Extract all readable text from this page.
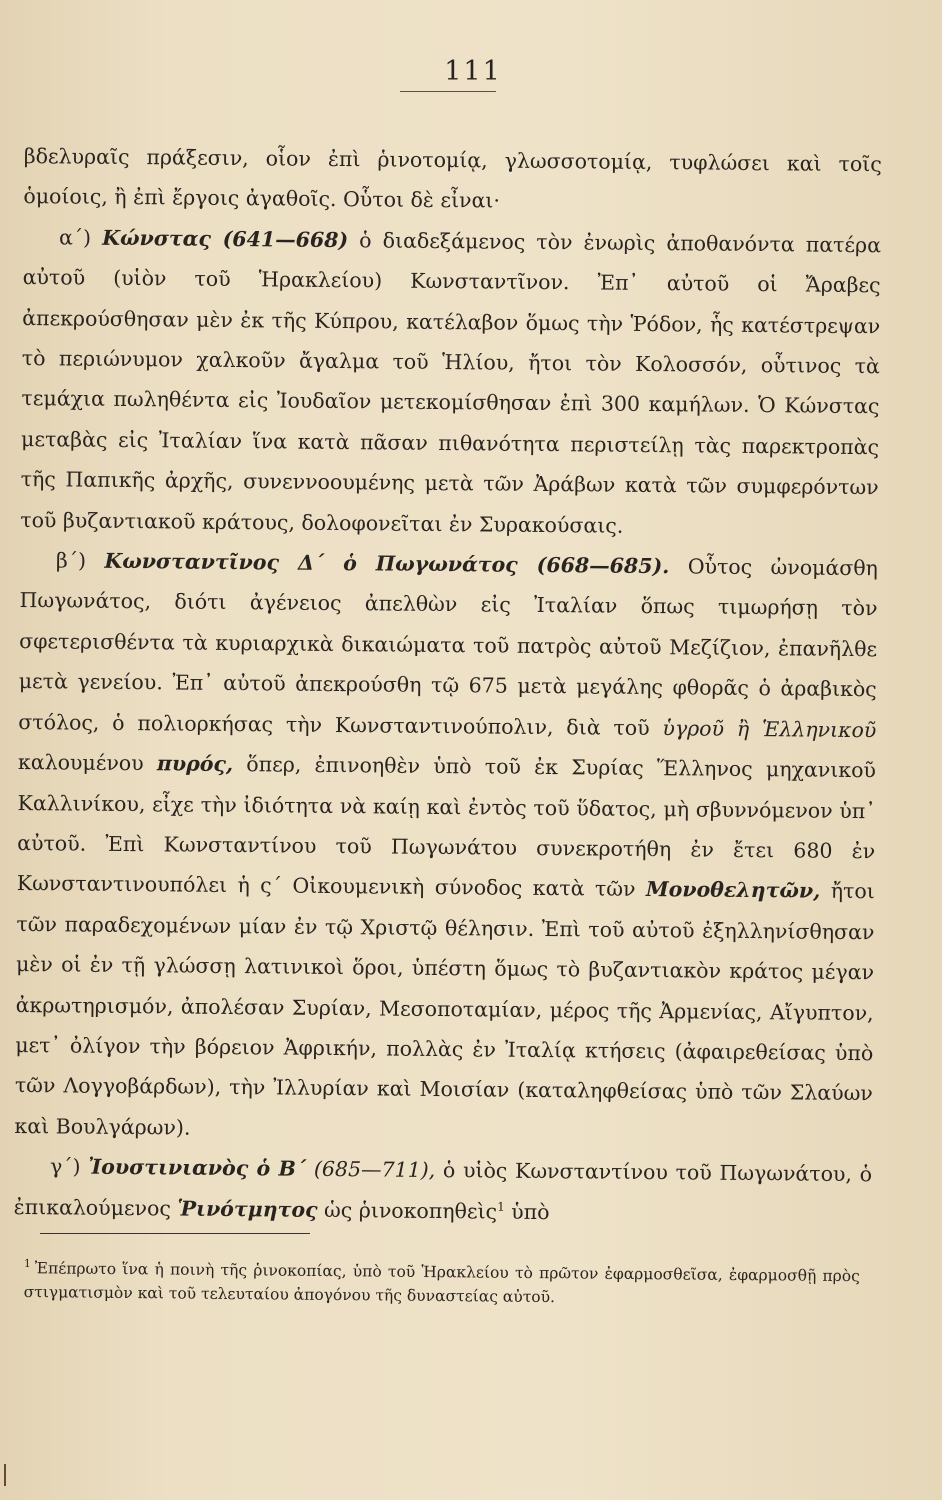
111

βδελυραῖς πράξεσιν, οἷον ἐπὶ ῥινοτομίᾳ, γλωσσοτομίᾳ, τυφλώσει καὶ τοῖς ὁμοίοις, ἢ ἐπὶ ἔργοις ἀγαθοῖς. Οὗτοι δὲ εἶναι·

α΄) Κώνστας (641—668) ὁ διαδεξάμενος τὸν ἐνωρὶς ἀποθανόντα πατέρα αὐτοῦ (υἱὸν τοῦ Ἡρακλείου) Κωνσταντῖνον. Ἐπ᾽ αὐτοῦ οἱ Ἄραβες ἀπεκρούσθησαν μὲν ἐκ τῆς Κύπρου, κατέλαβον ὅμως τὴν Ῥόδον, ἧς κατέστρεψαν τὸ περιώνυμον χαλκοῦν ἄγαλμα τοῦ Ἡλίου, ἤτοι τὸν Κολοσσόν, οὗτινος τὰ τεμάχια πωληθέντα εἰς Ἰουδαῖον μετεκομίσθησαν ἐπὶ 300 καμήλων. Ὁ Κώνστας μεταβὰς εἰς Ἰταλίαν ἵνα κατὰ πᾶσαν πιθανότητα περιστείλῃ τὰς παρεκτροπὰς τῆς Παπικῆς ἀρχῆς, συνεννοουμένης μετὰ τῶν Ἀράβων κατὰ τῶν συμφερόντων τοῦ βυζαντιακοῦ κράτους, δολοφονεῖται ἐν Συρακούσαις.

β΄) Κωνσταντῖνος Δ΄ ὁ Πωγωνάτος (668—685). Οὗτος ὠνομάσθη Πωγωνάτος, διότι ἀγένειος ἀπελθὼν εἰς Ἰταλίαν ὅπως τιμωρήσῃ τὸν σφετερισθέντα τὰ κυριαρχικὰ δικαιώματα τοῦ πατρὸς αὐτοῦ Μεζίζιον, ἐπανῆλθε μετὰ γενείου. Ἐπ᾽ αὐτοῦ ἀπεκρούσθη τῷ 675 μετὰ μεγάλης φθορᾶς ὁ ἀραβικὸς στόλος, ὁ πολιορκήσας τὴν Κωνσταντινούπολιν, διὰ τοῦ ὑγροῦ ἢ Ἑλληνικοῦ καλουμένου πυρός, ὅπερ, ἐπινοηθὲν ὑπὸ τοῦ ἐκ Συρίας Ἕλληνος μηχανικοῦ Καλλινίκου, εἶχε τὴν ἰδιότητα νὰ καίῃ καὶ ἐντὸς τοῦ ὕδατος, μὴ σβυννόμενον ὑπ᾽ αὐτοῦ. Ἐπὶ Κωνσταντίνου τοῦ Πωγωνάτου συνεκροτήθη ἐν ἔτει 680 ἐν Κωνσταντινουπόλει ἡ ς΄ Οἰκουμενικὴ σύνοδος κατὰ τῶν Μονοθελητῶν, ἤτοι τῶν παραδεχομένων μίαν ἐν τῷ Χριστῷ θέλησιν. Ἐπὶ τοῦ αὐτοῦ ἐξηλληνίσθησαν μὲν οἱ ἐν τῇ γλώσσῃ λατινικοὶ ὅροι, ὑπέστη ὅμως τὸ βυζαντιακὸν κράτος μέγαν ἀκρωτηρισμόν, ἀπολέσαν Συρίαν, Μεσοποταμίαν, μέρος τῆς Ἀρμενίας, Αἴγυπτον, μετ᾽ ὀλίγον τὴν βόρειον Ἀφρικήν, πολλὰς ἐν Ἰταλίᾳ κτήσεις (ἀφαιρεθείσας ὑπὸ τῶν Λογγοβάρδων), τὴν Ἰλλυρίαν καὶ Μοισίαν (καταληφθείσας ὑπὸ τῶν Σλαύων καὶ Βουλγάρων).

γ΄) Ἰουστινιανὸς ὁ Β΄ (685—711), ὁ υἱὸς Κωνσταντίνου τοῦ Πωγωνάτου, ὁ ἐπικαλούμενος Ῥινότμητος ὡς ῥινοκοπηθεὶς$^1$ ὑπὸ

$^1$ Ἐπέπρωτο ἵνα ἡ ποινὴ τῆς ῥινοκοπίας, ὑπὸ τοῦ Ἡρακλείου τὸ πρῶτον ἐφαρμοσθεῖσα, ἐφαρμοσθῇ πρὸς στιγματισμὸν καὶ τοῦ τελευταίου ἀπογόνου τῆς δυναστείας αὐτοῦ.
